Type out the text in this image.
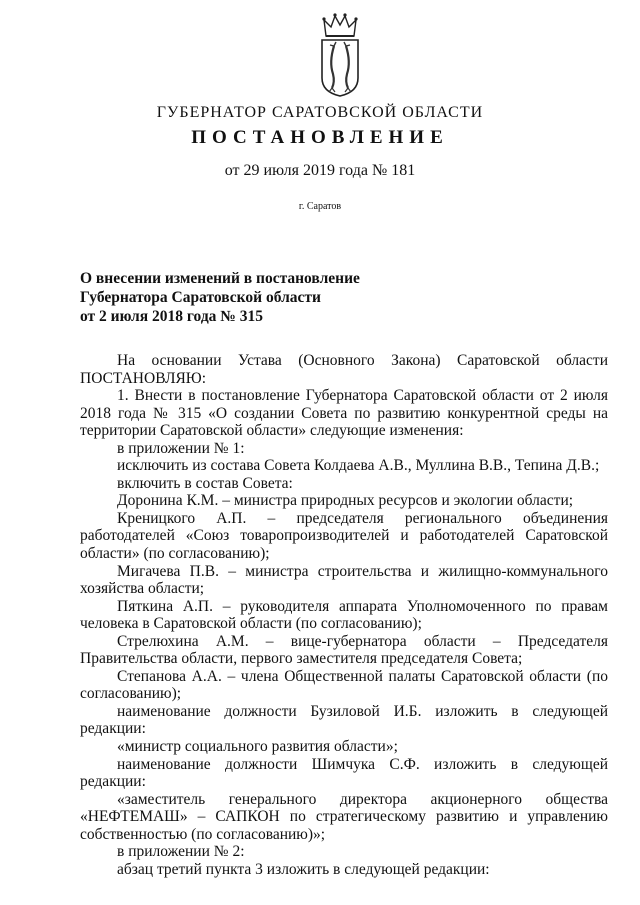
ГУБЕРНАТОР САРАТОВСКОЙ ОБЛАСТИ
ПОСТАНОВЛЕНИЕ
от 29 июля 2019 года № 181
г. Саратов
О внесении изменений в постановление
Губернатора Саратовской области
от 2 июля 2018 года № 315

На основании Устава (Основного Закона) Саратовской области ПОСТАНОВЛЯЮ:

1. Внести в постановление Губернатора Саратовской области от 2 июля 2018 года № 315 «О создании Совета по развитию конкурентной среды на территории Саратовской области» следующие изменения:

в приложении № 1:

исключить из состава Совета Колдаева А.В., Муллина В.В., Тепина Д.В.;

включить в состав Совета:

Доронина К.М. – министра природных ресурсов и экологии области;

Креницкого А.П. – председателя регионального объединения работодателей «Союз товаропроизводителей и работодателей Саратовской области» (по согласованию);

Мигачева П.В. – министра строительства и жилищно-коммунального хозяйства области;

Пяткина А.П. – руководителя аппарата Уполномоченного по правам человека в Саратовской области (по согласованию);

Стрелюхина А.М. – вице-губернатора области – Председателя Правительства области, первого заместителя председателя Совета;

Степанова А.А. – члена Общественной палаты Саратовской области (по согласованию);

наименование должности Бузиловой И.Б. изложить в следующей редакции:

«министр социального развития области»;

наименование должности Шимчука С.Ф. изложить в следующей редакции:

«заместитель генерального директора акционерного общества «НЕФТЕМАШ» – САПКОН по стратегическому развитию и управлению собственностью (по согласованию)»;

в приложении № 2:

абзац третий пункта 3 изложить в следующей редакции:
